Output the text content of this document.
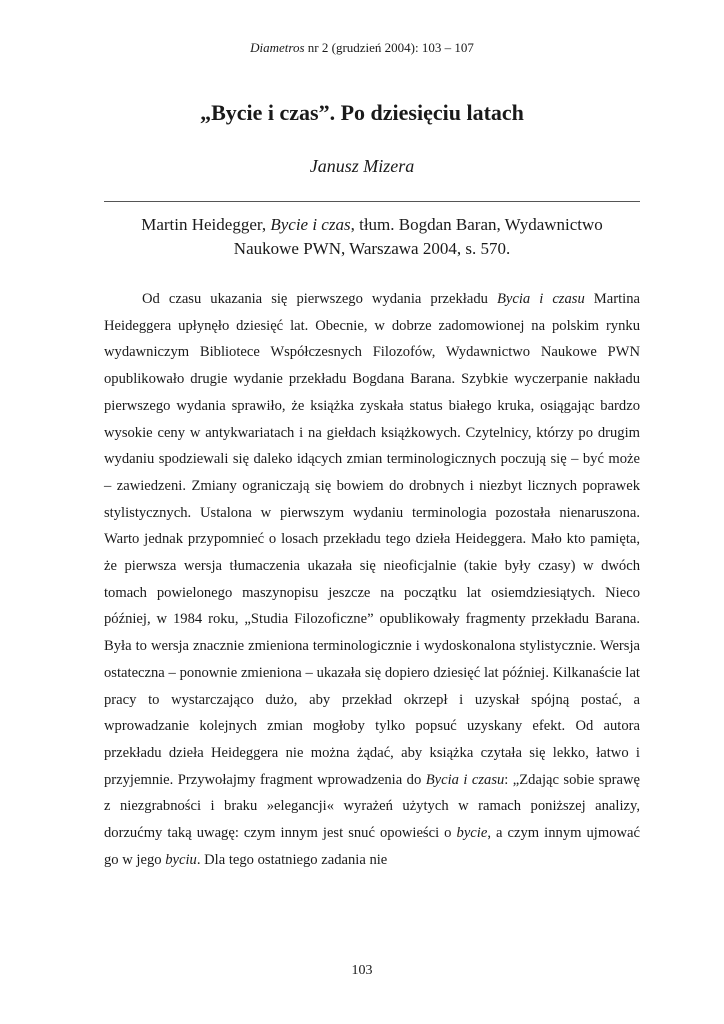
Diametros nr 2 (grudzień 2004): 103 – 107
„Bycie i czas”. Po dziesięciu latach
Janusz Mizera
Martin Heidegger, Bycie i czas, tłum. Bogdan Baran, Wydawnictwo
Naukowe PWN, Warszawa 2004, s. 570.

Od czasu ukazania się pierwszego wydania przekładu Bycia i czasu Martina Heideggera upłynęło dziesięć lat. Obecnie, w dobrze zadomowionej na polskim rynku wydawniczym Bibliotece Współczesnych Filozofów, Wydawnictwo Naukowe PWN opublikowało drugie wydanie przekładu Bogdana Barana. Szybkie wyczerpanie nakładu pierwszego wydania sprawiło, że książka zyskała status białego kruka, osiągając bardzo wysokie ceny w antykwariatach i na giełdach książkowych. Czytelnicy, którzy po drugim wydaniu spodziewali się daleko idących zmian terminologicznych poczują się – być może – zawiedzeni. Zmiany ograniczają się bowiem do drobnych i niezbyt licznych poprawek stylistycznych. Ustalona w pierwszym wydaniu terminologia pozostała nienaruszona. Warto jednak przypomnieć o losach przekładu tego dzieła Heideggera. Mało kto pamięta, że pierwsza wersja tłumaczenia ukazała się nieoficjalnie (takie były czasy) w dwóch tomach powielonego maszynopisu jeszcze na początku lat osiemdziesiątych. Nieco później, w 1984 roku, „Studia Filozoficzne” opublikowały fragmenty przekładu Barana. Była to wersja znacznie zmieniona terminologicznie i wydoskonalona stylistycznie. Wersja ostateczna – ponownie zmieniona – ukazała się dopiero dziesięć lat później. Kilkanaście lat pracy to wystarczająco dużo, aby przekład okrzepł i uzyskał spójną postać, a wprowadzanie kolejnych zmian mogłoby tylko popsuć uzyskany efekt. Od autora przekładu dzieła Heideggera nie można żądać, aby książka czytała się lekko, łatwo i przyjemnie. Przywołajmy fragment wprowadzenia do Bycia i czasu: „Zdając sobie sprawę z niezgrabności i braku »elegancji« wyrażeń użytych w ramach poniższej analizy, dorzućmy taką uwagę: czym innym jest snuć opowieści o bycie, a czym innym ujmować go w jego byciu. Dla tego ostatniego zadania nie

103
